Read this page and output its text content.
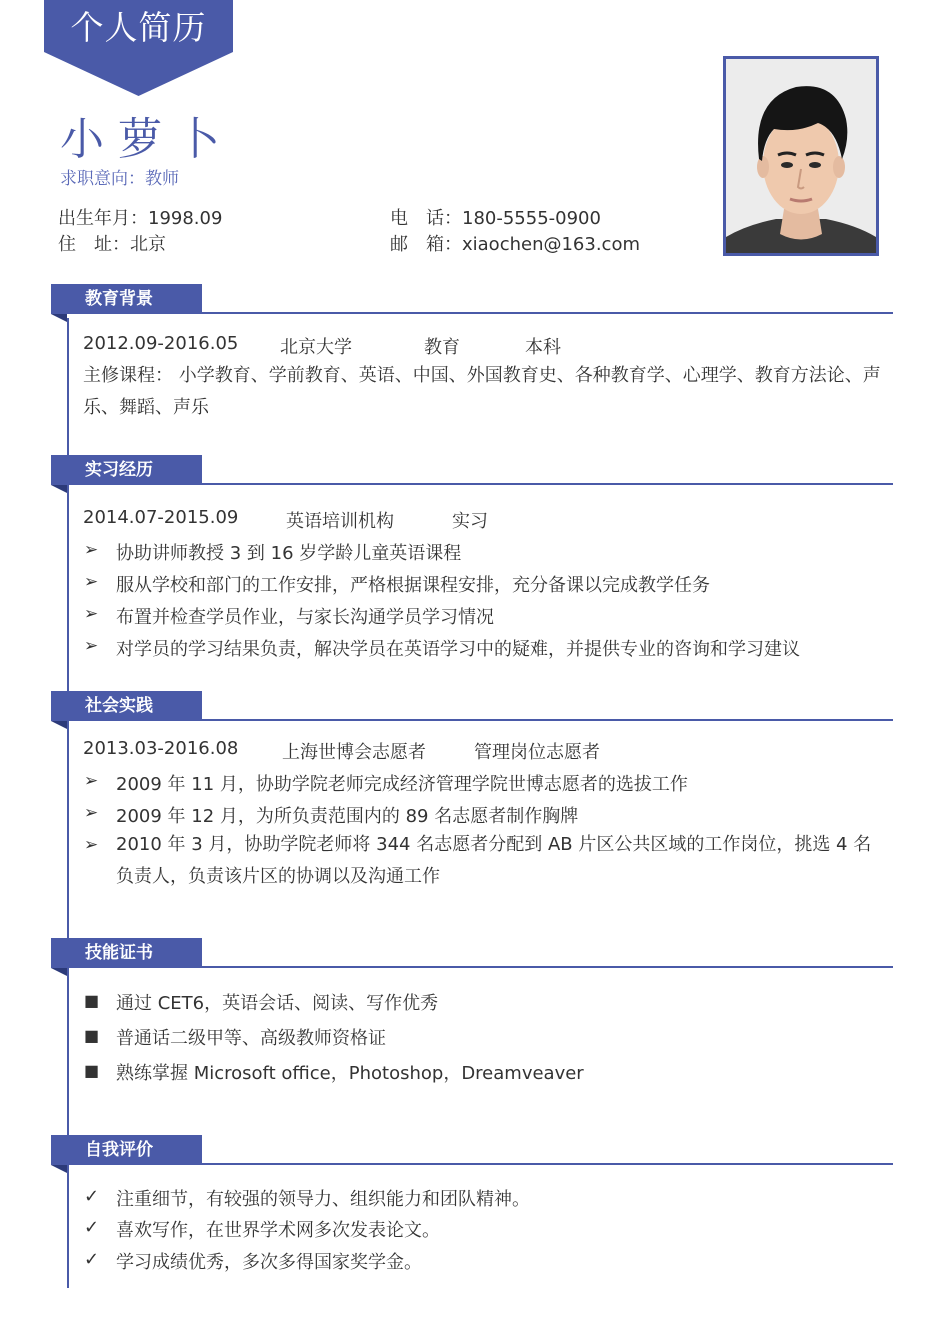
个人简历
小萝卜
求职意向：教师
出生年月：1998.09
住　址：北京
电　话：180-5555-0900
邮　箱：xiaochen@163.com
教育背景
2012.09-2016.05 北京大学	教育	本科
主修课程： 小学教育、学前教育、英语、中国、外国教育史、各种教育学、心理学、教育方法论、声乐、舞蹈、声乐
实习经历
2014.07-2015.09	英语培训机构	实习
➢ 协助讲师教授 3 到 16 岁学龄儿童英语课程
➢ 服从学校和部门的工作安排，严格根据课程安排，充分备课以完成教学任务
➢ 布置并检查学员作业，与家长沟通学员学习情况
➢ 对学员的学习结果负责，解决学员在英语学习中的疑难，并提供专业的咨询和学习建议
社会实践
2013.03-2016.08 上海世博会志愿者	管理岗位志愿者
➢ 2009 年 11 月，协助学院老师完成经济管理学院世博志愿者的选拔工作
➢ 2009 年 12 月，为所负责范围内的 89 名志愿者制作胸牌
➢ 2010 年 3 月，协助学院老师将 344 名志愿者分配到 AB 片区公共区域的工作岗位，挑选 4 名负责人，负责该片区的协调以及沟通工作
技能证书
■ 通过 CET6，英语会话、阅读、写作优秀
■ 普通话二级甲等、高级教师资格证
■ 熟练掌握 Microsoft office，Photoshop，Dreamveaver
自我评价
✓ 注重细节，有较强的领导力、组织能力和团队精神。
✓ 喜欢写作，在世界学术网多次发表论文。
✓ 学习成绩优秀，多次多得国家奖学金。
